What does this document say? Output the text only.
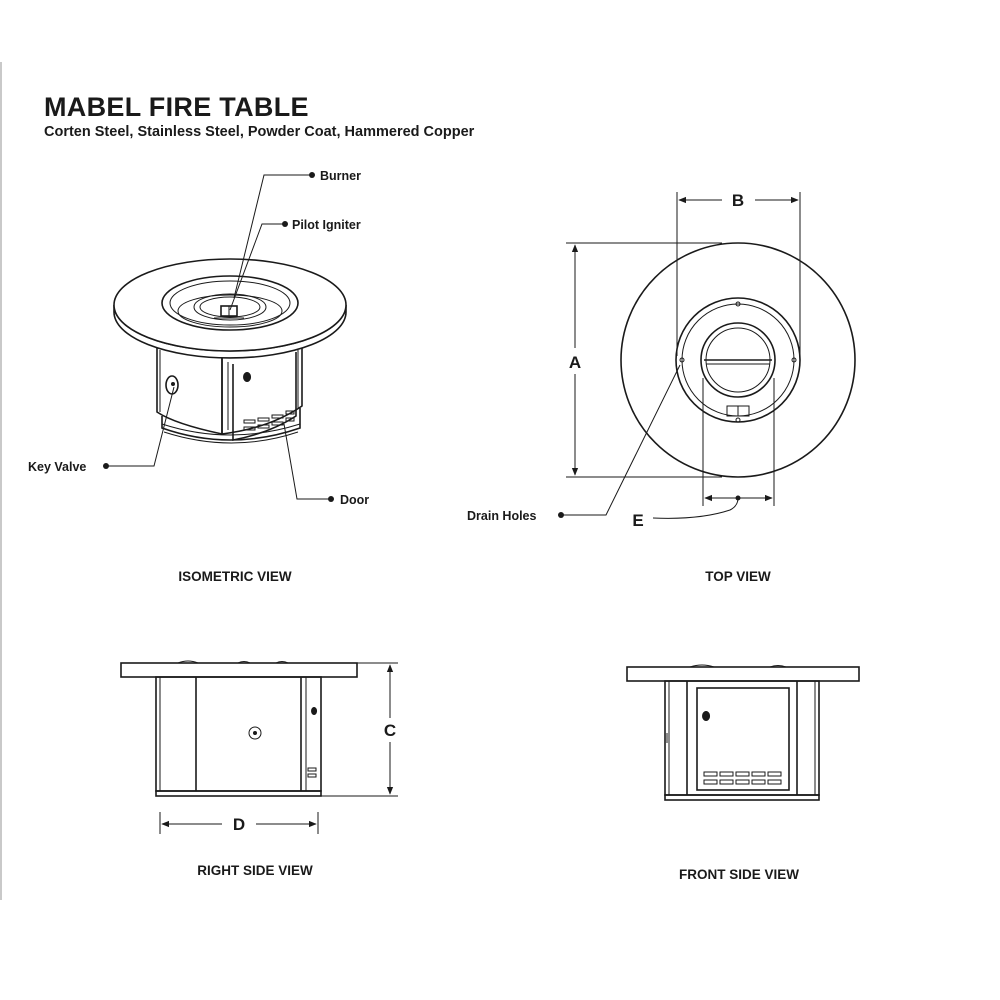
MABEL FIRE TABLE

Corten Steel, Stainless Steel, Powder Coat, Hammered Copper

Burner
Pilot Igniter
Key Valve
Door
ISOMETRIC VIEW
B
A
E
Drain Holes
TOP VIEW
C
D
RIGHT SIDE VIEW	FRONT SIDE VIEW
